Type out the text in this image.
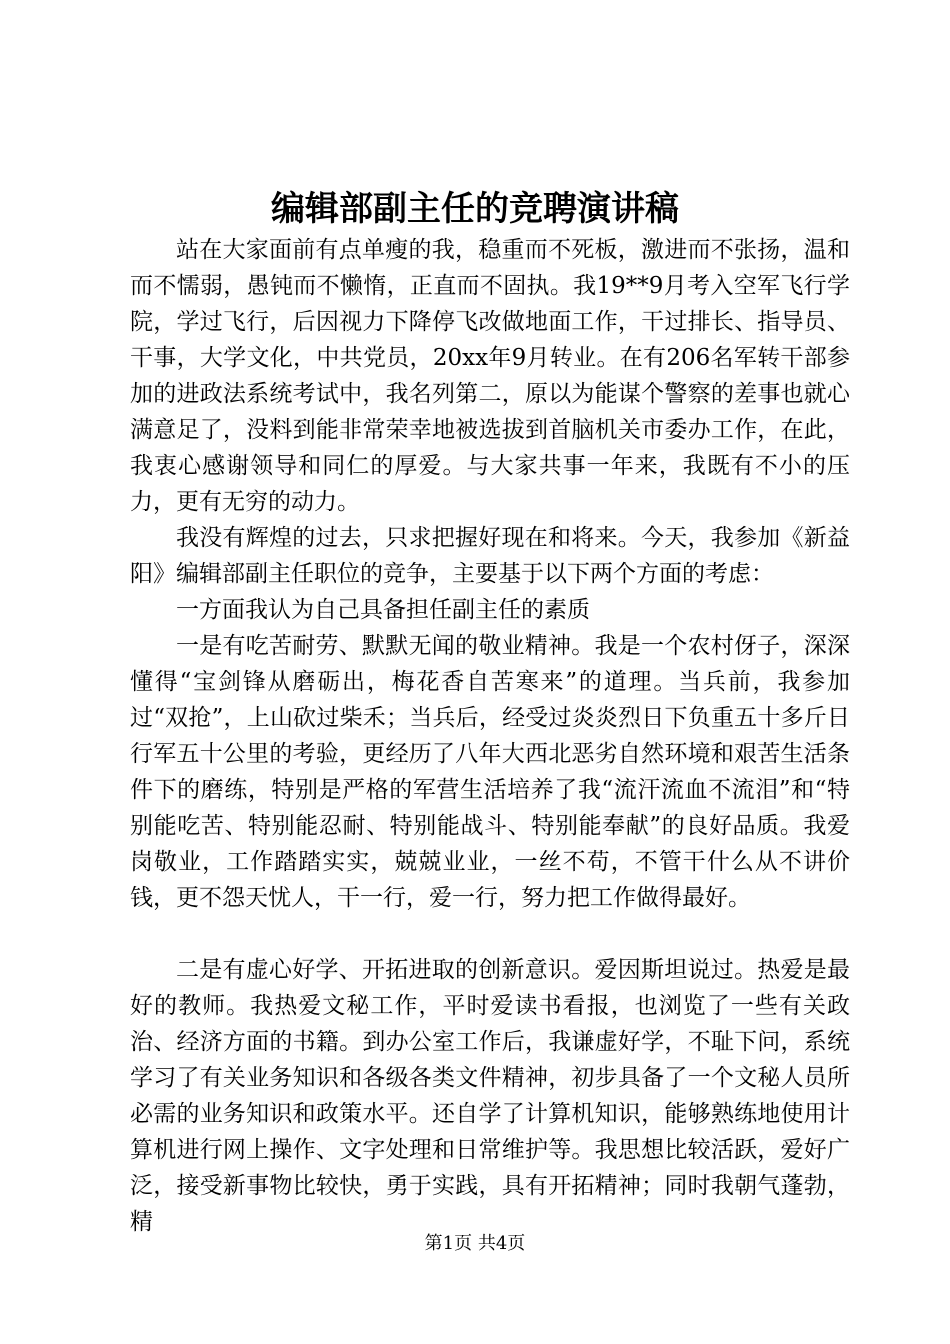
编辑部副主任的竞聘演讲稿

站在大家面前有点单瘦的我，稳重而不死板，激进而不张扬，温和而不懦弱，愚钝而不懒惰，正直而不固执。我19**9月考入空军飞行学院，学过飞行，后因视力下降停飞改做地面工作，干过排长、指导员、干事，大学文化，中共党员，20xx年9月转业。在有206名军转干部参加的进政法系统考试中，我名列第二，原以为能谋个警察的差事也就心满意足了，没料到能非常荣幸地被选拔到首脑机关市委办工作，在此，我衷心感谢领导和同仁的厚爱。与大家共事一年来，我既有不小的压力，更有无穷的动力。

我没有辉煌的过去，只求把握好现在和将来。今天，我参加《新益阳》编辑部副主任职位的竞争，主要基于以下两个方面的考虑：

一方面我认为自己具备担任副主任的素质

一是有吃苦耐劳、默默无闻的敬业精神。我是一个农村伢子，深深懂得“宝剑锋从磨砺出，梅花香自苦寒来”的道理。当兵前，我参加过“双抢”，上山砍过柴禾；当兵后，经受过炎炎烈日下负重五十多斤日行军五十公里的考验，更经历了八年大西北恶劣自然环境和艰苦生活条件下的磨练，特别是严格的军营生活培养了我“流汗流血不流泪”和“特别能吃苦、特别能忍耐、特别能战斗、特别能奉献”的良好品质。我爱岗敬业，工作踏踏实实，兢兢业业，一丝不苟，不管干什么从不讲价钱，更不怨天忧人，干一行，爱一行，努力把工作做得最好。

二是有虚心好学、开拓进取的创新意识。爱因斯坦说过。热爱是最好的教师。我热爱文秘工作，平时爱读书看报，也浏览了一些有关政治、经济方面的书籍。到办公室工作后，我谦虚好学，不耻下问，系统学习了有关业务知识和各级各类文件精神，初步具备了一个文秘人员所必需的业务知识和政策水平。还自学了计算机知识，能够熟练地使用计算机进行网上操作、文字处理和日常维护等。我思想比较活跃，爱好广泛，接受新事物比较快，勇于实践，具有开拓精神；同时我朝气蓬勃，精

第1页 共4页
